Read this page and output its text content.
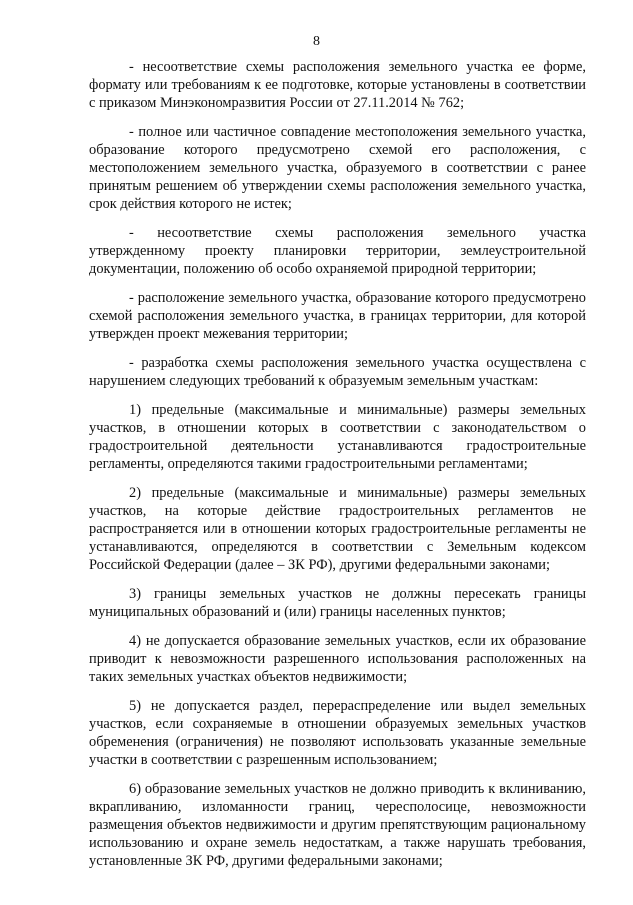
8

- несоответствие схемы расположения земельного участка ее форме, формату или требованиям к ее подготовке, которые установлены в соответствии с приказом Минэкономразвития России от 27.11.2014 № 762;

- полное или частичное совпадение местоположения земельного участка, образование которого предусмотрено схемой его расположения, с местоположением земельного участка, образуемого в соответствии с ранее принятым решением об утверждении схемы расположения земельного участка, срок действия которого не истек;

- несоответствие схемы расположения земельного участка утвержденному проекту планировки территории, землеустроительной документации, положению об особо охраняемой природной территории;

- расположение земельного участка, образование которого предусмотрено схемой расположения земельного участка, в границах территории, для которой утвержден проект межевания территории;

- разработка схемы расположения земельного участка осуществлена с нарушением следующих требований к образуемым земельным участкам:

1) предельные (максимальные и минимальные) размеры земельных участков, в отношении которых в соответствии с законодательством о градостроительной деятельности устанавливаются градостроительные регламенты, определяются такими градостроительными регламентами;

2) предельные (максимальные и минимальные) размеры земельных участков, на которые действие градостроительных регламентов не распространяется или в отношении которых градостроительные регламенты не устанавливаются, определяются в соответствии с Земельным кодексом Российской Федерации (далее – ЗК РФ), другими федеральными законами;

3) границы земельных участков не должны пересекать границы муниципальных образований и (или) границы населенных пунктов;

4) не допускается образование земельных участков, если их образование приводит к невозможности разрешенного использования расположенных на таких земельных участках объектов недвижимости;

5) не допускается раздел, перераспределение или выдел земельных участков, если сохраняемые в отношении образуемых земельных участков обременения (ограничения) не позволяют использовать указанные земельные участки в соответствии с разрешенным использованием;

6) образование земельных участков не должно приводить к вклиниванию, вкрапливанию, изломанности границ, чересполосице, невозможности размещения объектов недвижимости и другим препятствующим рациональному использованию и охране земель недостаткам, а также нарушать требования, установленные ЗК РФ, другими федеральными законами;
